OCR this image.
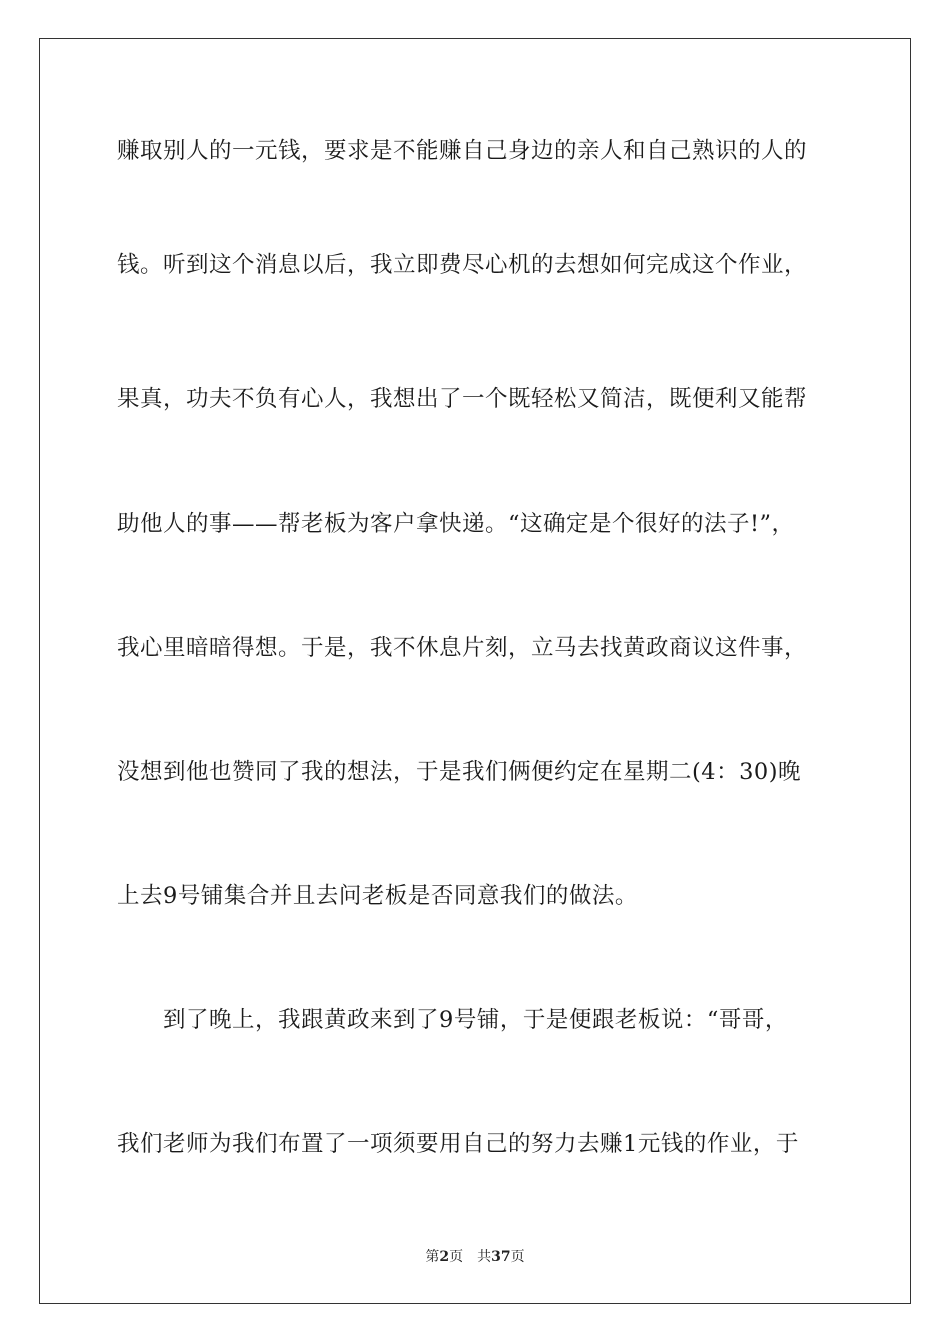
赚取别人的一元钱，要求是不能赚自己身边的亲人和自己熟识的人的
钱。听到这个消息以后，我立即费尽心机的去想如何完成这个作业，
果真，功夫不负有心人，我想出了一个既轻松又简洁，既便利又能帮
助他人的事——帮老板为客户拿快递。“这确定是个很好的法子!”，
我心里暗暗得想。于是，我不休息片刻，立马去找黄政商议这件事，
没想到他也赞同了我的想法，于是我们俩便约定在星期二(4：30)晚
上去9号铺集合并且去问老板是否同意我们的做法。
到了晚上，我跟黄政来到了9号铺，于是便跟老板说：“哥哥，
我们老师为我们布置了一项须要用自己的努力去赚1元钱的作业，于
第2页 共37页
